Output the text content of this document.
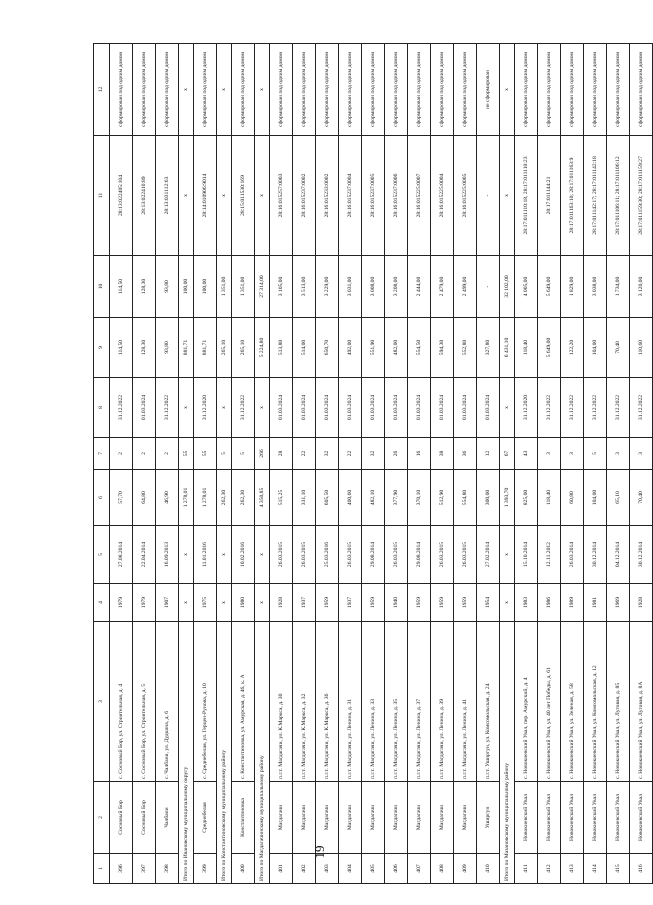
19
1	2	3	4	5	6	7	8	9	10	11	12
396	Сосновый Бор	с. Сосновый Бор, ул. Строительная, д. 4	1979	27.08.2014	57,70	2	31.12.2022	114,50	114,50	28:13:022405:104	сформирован под одним домом
397	Сосновый Бор	с. Сосновый Бор, ул. Строительная, д. 5	1979	22.04.2014	64,80	2	01.03.2024	128,30	128,30	28:13:022410:89	сформирован под одним домом
398	Чалбани	с. Чалбани, ул. Дудкина, д. 6	1907	16.09.2013	46,90	2	31.12.2022	93,80	93,80	28:13:031112:63	сформирован под одним домом
Итого по Ивановскому муниципальному округу			х	х	1 278,01	55	х	881,71	100,00	х	х
399	Среднебелая	с. Среднебелая, ул. Герцен-Рунова, д. 10	1975	11.01.2016	1 278,01	55	31.12.2020	881,71	100,00	28:14:010906:9014	сформирован под одним домом
Итого по Константиновскому муниципальному району			х	х	262,30	5	х	265,10	1 351,00	х	х
400	Константиновка	с. Константиновка, ул. Амурская, д. 46, к. А	1980	10.02.2016	262,30	5	31.12.2022	265,10	1 351,00	28:15:011530:169	сформирован под одним домом
Итого по Магдагачинскому муниципальному району			х	х	4 350,85	266	х	5 224,80	27 314,00	х	х
401	Магдагачи	п.г.т. Магдагачи, ул. К.Маркса, д. 30	1928	26.03.2015	515,25	28	01.03.2024	513,80	3 105,00	28:16:015257:0003	сформирован под одним домом
402	Магдагачи	п.г.т. Магдагачи, ул. К.Маркса, д. 32	1937	26.03.2015	331,10	22	01.03.2024	514,00	3 513,00	28:16:015237:0002	сформирован под одним домом
403	Магдагачи	п.г.т. Магдагачи, ул. К.Маркса, д. 36	1959	25.03.2016	605,50	32	01.03.2024	650,70	3 229,00	28:16:015233:0002	сформирован под одним домом
404	Магдагачи	п.г.т. Магдагачи, ул. Ленина, д. 31	1937	26.03.2015	400,60	22	01.03.2024	492,00	3 031,00	28:16:015237:0004	сформирован под одним домом
405	Магдагачи	п.г.т. Магдагачи, ул. Ленина, д. 33	1959	29.08.2014	482,10	32	01.03.2024	551,90	3 008,00	28:16:015237:0005	сформирован под одним домом
406	Магдагачи	п.г.т. Магдагачи, ул. Ленина, д. 35	1940	26.03.2015	377,90	26	01.03.2024	482,00	3 208,00	28:16:015237:0006	сформирован под одним домом
407	Магдагачи	п.г.т. Магдагачи, ул. Ленина, д. 37	1959	29.08.2014	370,10	16	01.03.2024	554,50	2 444,00	28:16:015225:0007	сформирован под одним домом
408	Магдагачи	п.г.т. Магдагачи, ул. Ленина, д. 39	1959	26.03.2015	512,90	38	01.03.2024	594,30	2 479,00	28:16:015225:0004	сформирован под одним домом
409	Магдагачи	п.г.т. Магдагачи, ул. Ленина, д. 41	1959	26.03.2015	554,80	36	01.03.2024	552,80	2 499,00	28:16:015225:0005	сформирован под одним домом
410	Уширгун	п.г.т. Уширгун, ул. Комсомольская, д. 24	1954	27.02.2014	300,00	12	01.03.2024	327,80	-	-	не сформирован
Итого по Мазановскому муниципальному району			х	х	1 393,70	67	х	6 431,10	32 102,00	х	х
411	Новокиевский Увал	с. Новокиевский Увал, пер. Амурский, д. 4	1983	15.10.2014	825,00	43	31.12.2020	118,40	4 005,00	28:17:011110:18, 28:17:011110:23	сформирован под одним домом
412	Новокиевский Увал	с. Новокиевский Увал, ул. 40 лет Победы, д. 61	1986	12.11.2012	118,40	3	31.12.2022	5 649,00	5 649,00	28:17:011144:21	сформирован под одним домом
413	Новокиевский Увал	с. Новокиевский Увал, ул. Зеленая, д. 58	1989	26.03.2014	60,80	3	31.12.2022	122,20	1 829,00	28:17:011163:10; 28:17:011163:9	сформирован под одним домом
414	Новокиевский Увал	с. Новокиевский Увал, ул. Комсомольская, д. 12	1981	30.12.2014	104,00	5	31.12.2022	104,00	3 038,00	28:17:011142:17; 28:17:011142:18	сформирован под одним домом
415	Новокиевский Увал	с. Новокиевский Увал, ул. Луговая, д. 85	1969	04.12.2014	65,10	3	31.12.2022	70,40	1 734,00	28:17:011106:11; 28:17:011106:12	сформирован под одним домом
416	Новокиевский Увал	с. Новокиевский Увал, ул. Луговая, д. 8А	1928	30.12.2014	70,40	3	31.12.2022	110,60	3 120,00	28:17:011159:30; 28:17:011159:27	сформирован под одним домом
